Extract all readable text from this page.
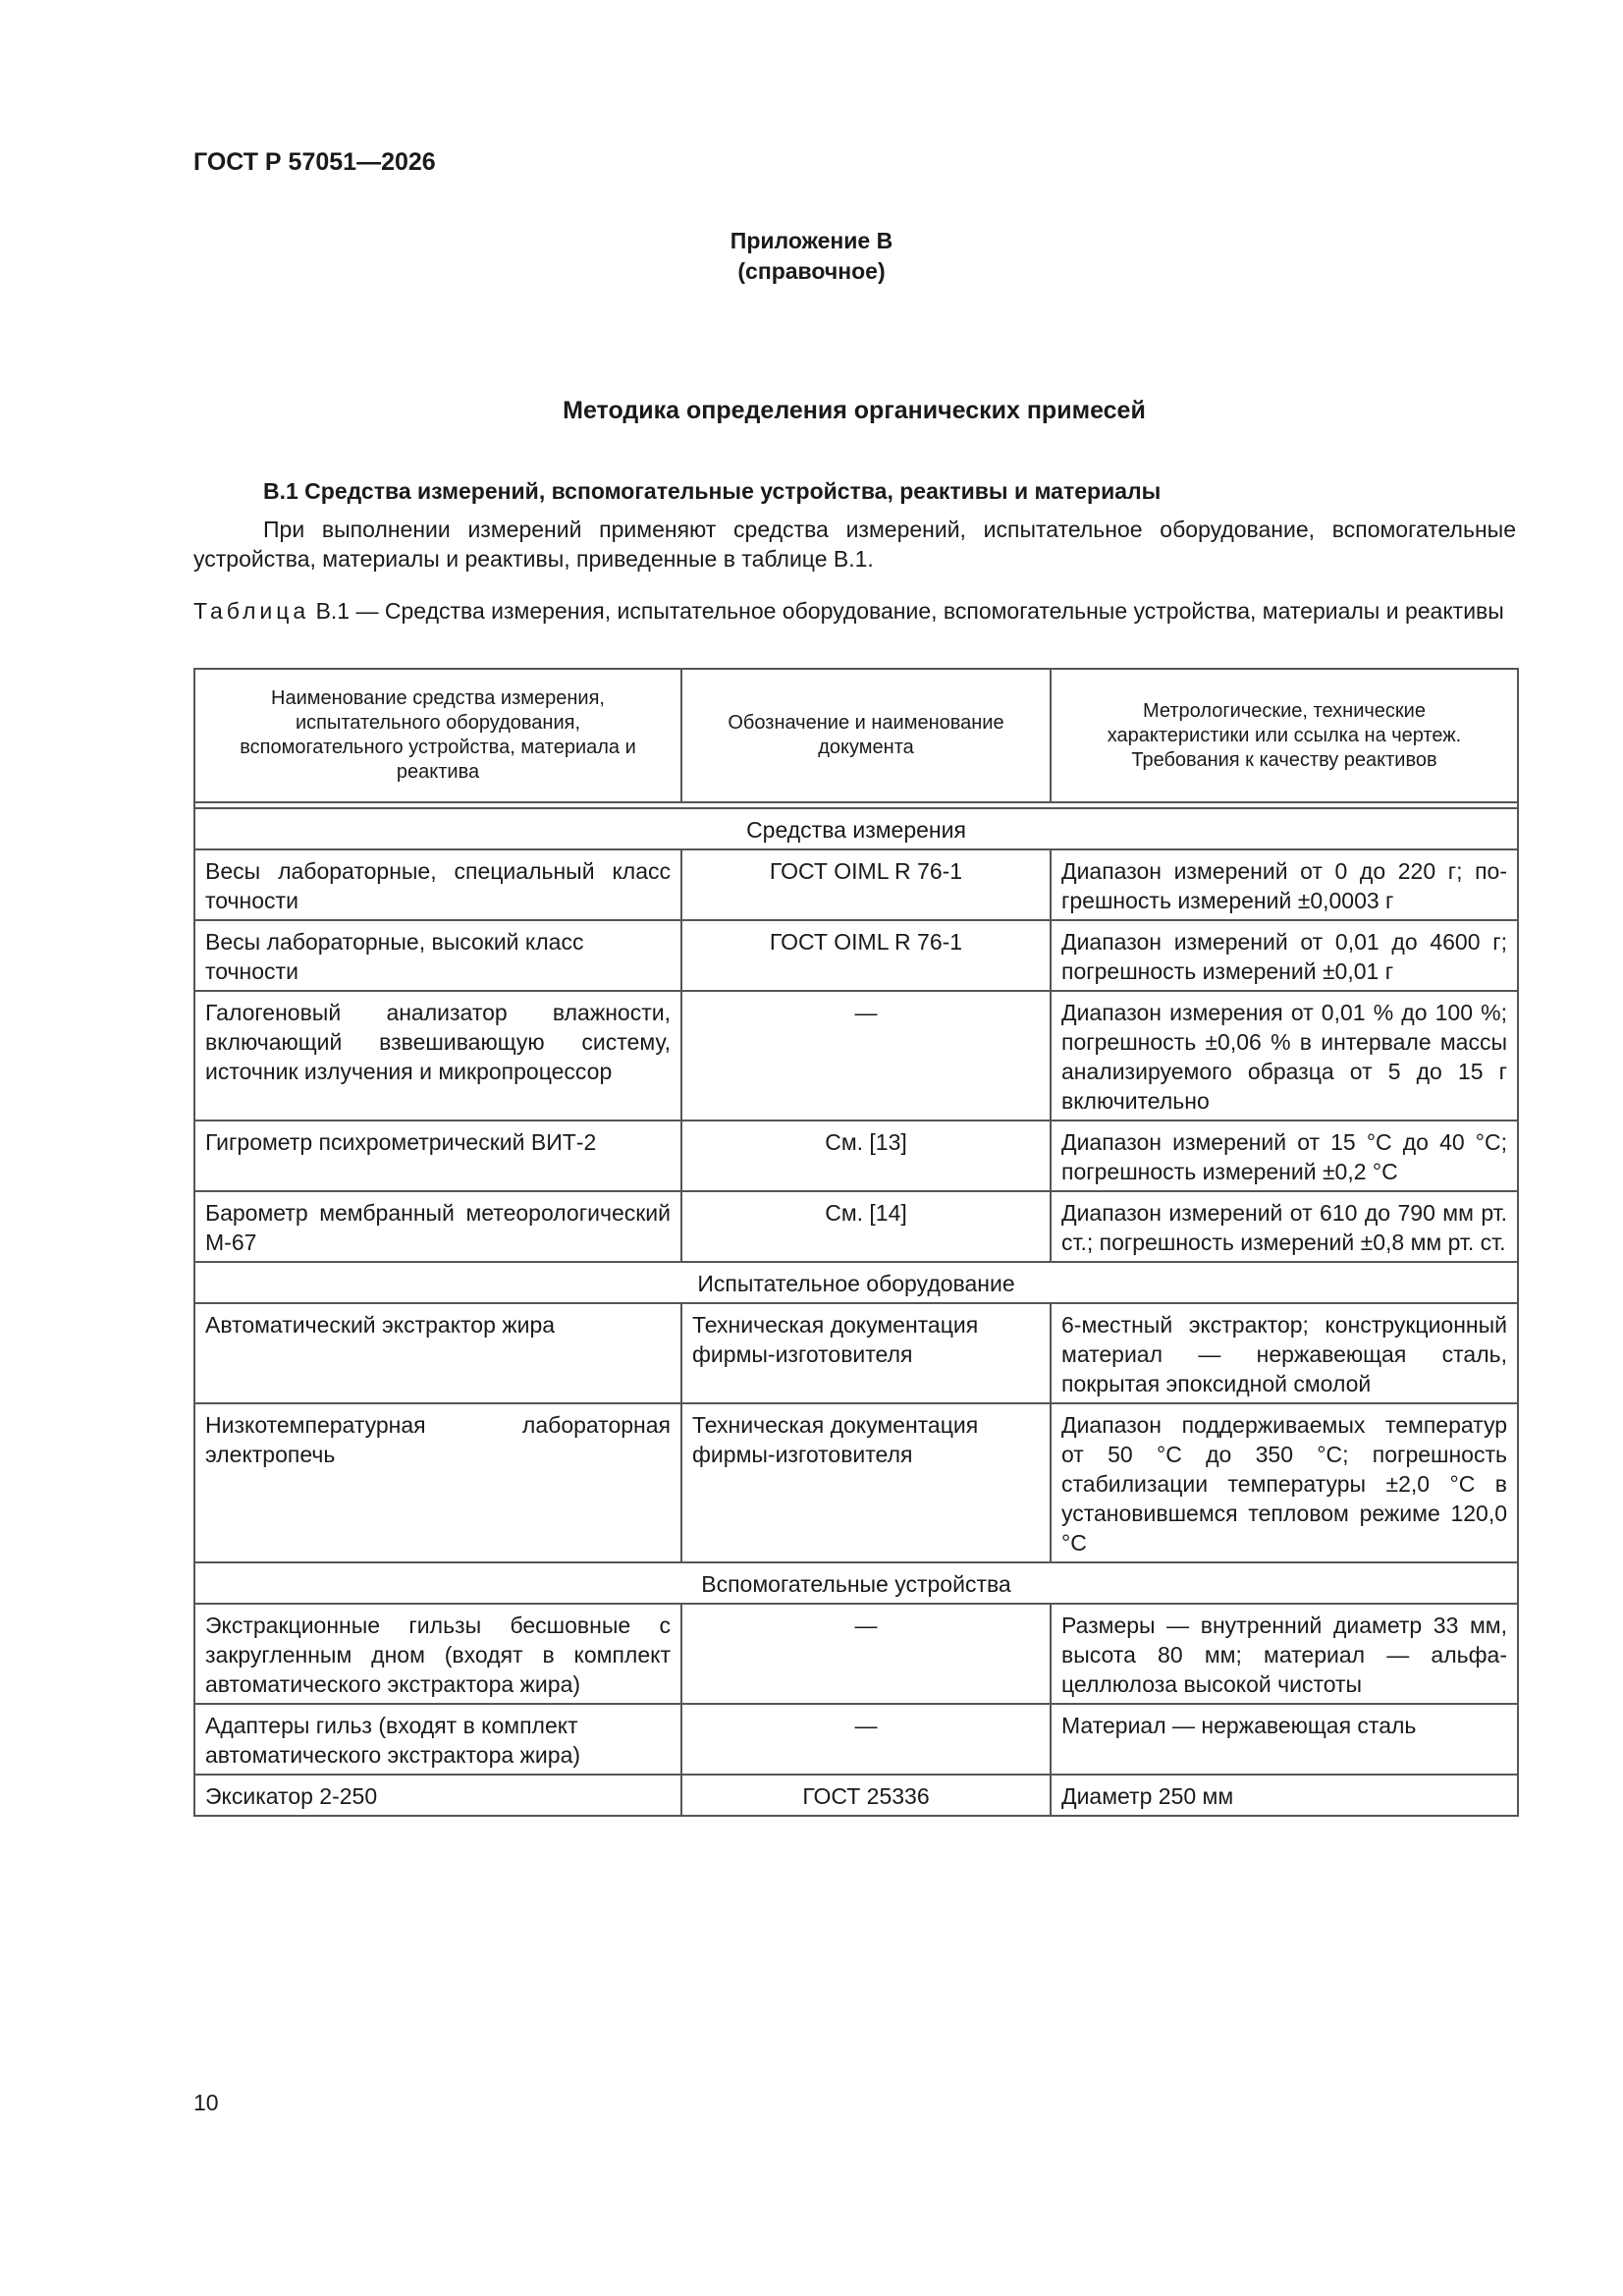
ГОСТ Р 57051—2026
Приложение В
(справочное)
Методика определения органических примесей
В.1 Средства измерений, вспомогательные устройства, реактивы и материалы
При выполнении измерений применяют средства измерений, испытательное оборудование, вспомогательные устройства, материалы и реактивы, приведенные в таблице В.1.
Таблица В.1 — Средства измерения, испытательное оборудование, вспомогательные устройства, материалы и реактивы
Наименование средства измерения, испытательного оборудования, вспомогательного устройства, материала и реактива	Обозначение и наименование документа	Метрологические, технические характеристики или ссылка на чертеж. Требования к качеству реактивов

Средства измерения		
Весы лабораторные, специальный класс точности	ГОСТ OIML R 76-1	Диапазон измерений от 0 до 220 г; погрешность измерений ±0,0003 г
Весы лабораторные, высокий класс точности	ГОСТ OIML R 76-1	Диапазон измерений от 0,01 до 4600 г; погрешность измерений ±0,01 г
Галогеновый анализатор влажности, включающий взвешивающую систему, источник излучения и микропроцессор	—	Диапазон измерения от 0,01 % до 100 %; погрешность ±0,06 % в интервале массы анализируемого образца от 5 до 15 г включительно
Гигрометр психрометрический ВИТ-2	См. [13]	Диапазон измерений от 15 °С до 40 °С; погрешность измерений ±0,2 °С
Барометр мембранный метеорологический М-67	См. [14]	Диапазон измерений от 610 до 790 мм рт. ст.; погрешность измерений ±0,8 мм рт. ст.
Испытательное оборудование		
Автоматический экстрактор жира	Техническая документация фирмы-изготовителя	6-местный экстрактор; конструкционный материал — нержавеющая сталь, покрытая эпоксидной смолой
Низкотемпературная лабораторная электропечь	Техническая документация фирмы-изготовителя	Диапазон поддерживаемых температур от 50 °С до 350 °С; погрешность стабилизации температуры ±2,0 °С в установившемся тепловом режиме 120,0 °С
Вспомогательные устройства		
Экстракционные гильзы бесшовные с закругленным дном (входят в комплект автоматического экстрактора жира)	—	Размеры — внутренний диаметр 33 мм, высота 80 мм; материал — альфа-целлюлоза высокой чистоты
Адаптеры гильз (входят в комплект автоматического экстрактора жира)	—	Материал — нержавеющая сталь
Эксикатор 2-250	ГОСТ 25336	Диаметр 250 мм
10
